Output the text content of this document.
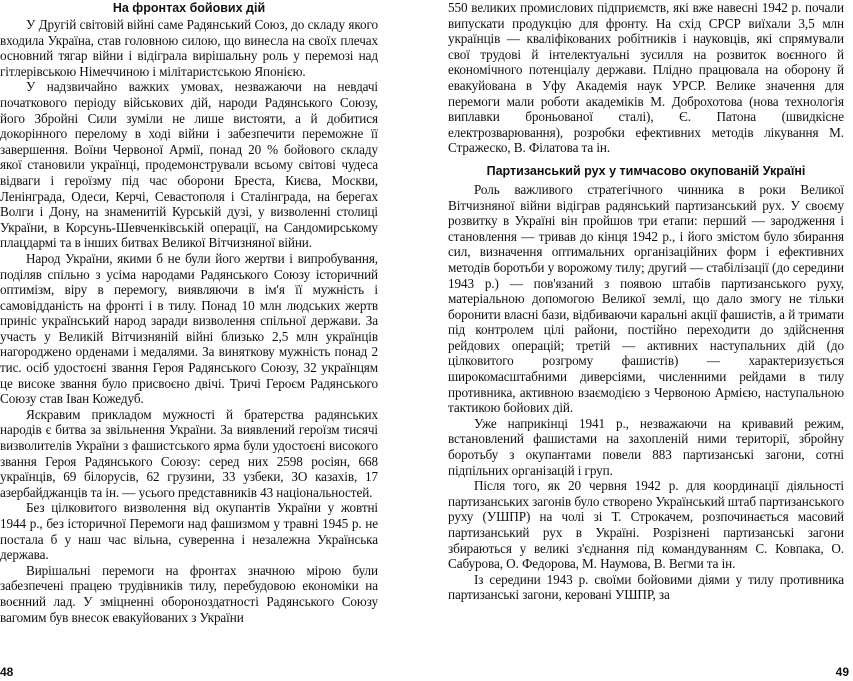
На фронтах бойових дій

У Другій світовій війні саме Радянський Союз, до складу якого входила Україна, став головною силою, що винесла на своїх плечах основний тягар війни і відіграла вирішальну роль у перемозі над гітлерівською Німеччиною і мілітаристською Японією.

У надзвичайно важких умовах, незважаючи на невдачі початкового періоду військових дій, народи Радянського Союзу, його Збройні Сили зуміли не лише вистояти, а й добитися докорінного перелому в ході війни і забезпечити переможне її завершення. Воїни Червоної Армії, понад 20 % бойового складу якої становили українці, продемонстрували всьому світові чудеса відваги і героїзму під час оборони Бреста, Києва, Москви, Ленінграда, Одеси, Керчі, Севастополя і Сталінграда, на берегах Волги і Дону, на знаменитій Курській дузі, у визволенні столиці України, в Корсунь-Шевченківській операції, на Сандомирському плацдармі та в інших битвах Великої Вітчизняної війни.

Народ України, якими б не були його жертви і випробування, поділяв спільно з усіма народами Радянського Союзу історичний оптимізм, віру в перемогу, виявляючи в ім'я її мужність і самовідданість на фронті і в тилу. Понад 10 млн людських жертв приніс український народ заради визволення спільної держави. За участь у Великій Вітчизняній війні близько 2,5 млн українців нагороджено орденами і медалями. За виняткову мужність понад 2 тис. осіб удостоєні звання Героя Радянського Союзу, 32 українцям це високе звання було присвоєно двічі. Тричі Героєм Радянського Союзу став Іван Кожедуб.

Яскравим прикладом мужності й братерства радянських народів є битва за звільнення України. За виявлений героїзм тисячі визволителів України з фашистського ярма були удостоєні високого звання Героя Радянського Союзу: серед них 2598 росіян, 668 українців, 69 білорусів, 62 грузини, 33 узбеки, ЗО казахів, 17 азербайджанців та ін. — усього представників 43 національностей.

Без цілковитого визволення від окупантів України у жовтні 1944 р., без історичної Перемоги над фашизмом у травні 1945 р. не постала б у наш час вільна, суверенна і незалежна Українська держава.

Вирішальні перемоги на фронтах значною мірою були забезпечені працею трудівників тилу, перебудовою економіки на воєнний лад. У зміцненні обороноздатності Радянського Союзу вагомим був внесок евакуйованих з України

48

550 великих промислових підприємств, які вже навесні 1942 р. почали випускати продукцію для фронту. На схід СРСР виїхали 3,5 млн українців — кваліфікованих робітників і науковців, які спрямували свої трудові й інтелектуальні зусилля на розвиток воєнного й економічного потенціалу держави. Плідно працювала на оборону й евакуйована в Уфу Академія наук УРСР. Велике значення для перемоги мали роботи академіків М. Доброхотова (нова технологія виплавки броньованої сталі), Є. Патона (швидкісне електрозварювання), розробки ефективних методів лікування М. Стражеско, В. Філатова та ін.

Партизанський рух у тимчасово окупованій Україні

Роль важливого стратегічного чинника в роки Великої Вітчизняної війни відіграв радянський партизанський рух. У своєму розвитку в Україні він пройшов три етапи: перший — зародження і становлення — тривав до кінця 1942 р., і його змістом було збирання сил, визначення оптимальних організаційних форм і ефективних методів боротьби у ворожому тилу; другий — стабілізації (до середини 1943 р.) — пов'язаний з появою штабів партизанського руху, матеріальною допомогою Великої землі, що дало змогу не тільки боронити власні бази, відбиваючи каральні акції фашистів, а й тримати під контролем цілі райони, постійно переходити до здійснення рейдових операцій; третій — активних наступальних дій (до цілковитого розгрому фашистів) — характеризується широкомасштабними диверсіями, численними рейдами в тилу противника, активною взаємодією з Червоною Армією, наступальною тактикою бойових дій.

Уже наприкінці 1941 р., незважаючи на кривавий режим, встановлений фашистами на захопленій ними території, збройну боротьбу з окупантами повели 883 партизанські загони, сотні підпільних організацій і груп.

Після того, як 20 червня 1942 р. для координації діяльності партизанських загонів було створено Український штаб партизанського руху (УШПР) на чолі зі Т. Строкачем, розпочинається масовий партизанський рух в Україні. Розрізнені партизанські загони збираються у великі з'єднання під командуванням С. Ковпака, О. Сабурова, О. Федорова, М. Наумова, В. Вегми та ін.

Із середини 1943 р. своїми бойовими діями у тилу противника партизанські загони, керовані УШПР, за

49
